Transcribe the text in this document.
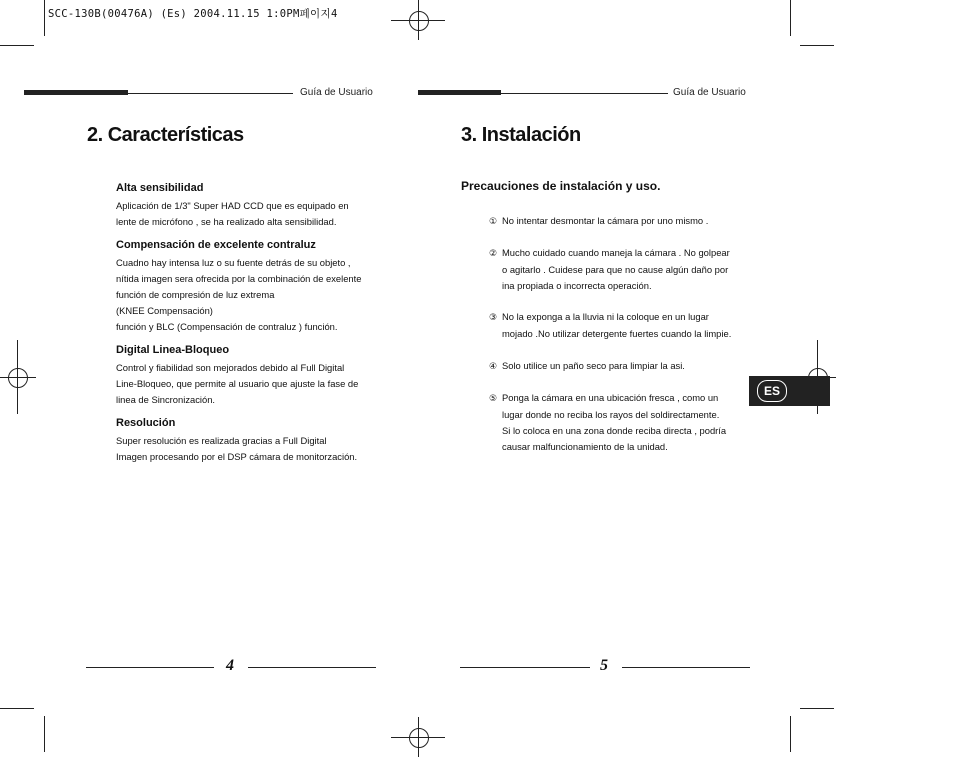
SCC-130B(00476A) (Es) 2004.11.15 1:0PM페이지4
Guía de Usuario
2. Características
Alta sensibilidad
Aplicación de 1/3" Super HAD CCD que es equipado en
lente de micrófono , se ha realizado alta sensibilidad.
Compensación de excelente contraluz
Cuadno hay intensa luz o su fuente detrás de su objeto ,
nítida imagen sera ofrecida por la combinación de exelente
función de compresión de luz extrema
(KNEE Compensación)
función y BLC (Compensación de contraluz ) función.
Digital Linea-Bloqueo
Control y fiabilidad son mejorados debido al Full Digital
Line-Bloqueo, que permite al usuario que ajuste la fase de
linea de Sincronización.
Resolución
Super resolución es realizada gracias a Full Digital
Imagen procesando por el DSP cámara de monitorzación.
4
Guía de Usuario
3. Instalación
Precauciones de instalación y uso.
① No intentar desmontar la cámara por uno mismo .
② Mucho cuidado cuando maneja la cámara . No golpear
o agitarlo . Cuidese para que no cause algún daño por
ina propiada o incorrecta operación.
③ No la exponga a la lluvia ni la coloque en un lugar
mojado .No utilizar detergente fuertes cuando la limpie.
④ Solo utilice un paño seco para limpiar la asi.
⑤ Ponga la cámara en una ubicación fresca , como un
lugar donde no reciba los rayos del soldirectamente.
Si lo coloca en una zona donde reciba directa , podría
causar malfuncionamiento de la unidad.
ES
5
